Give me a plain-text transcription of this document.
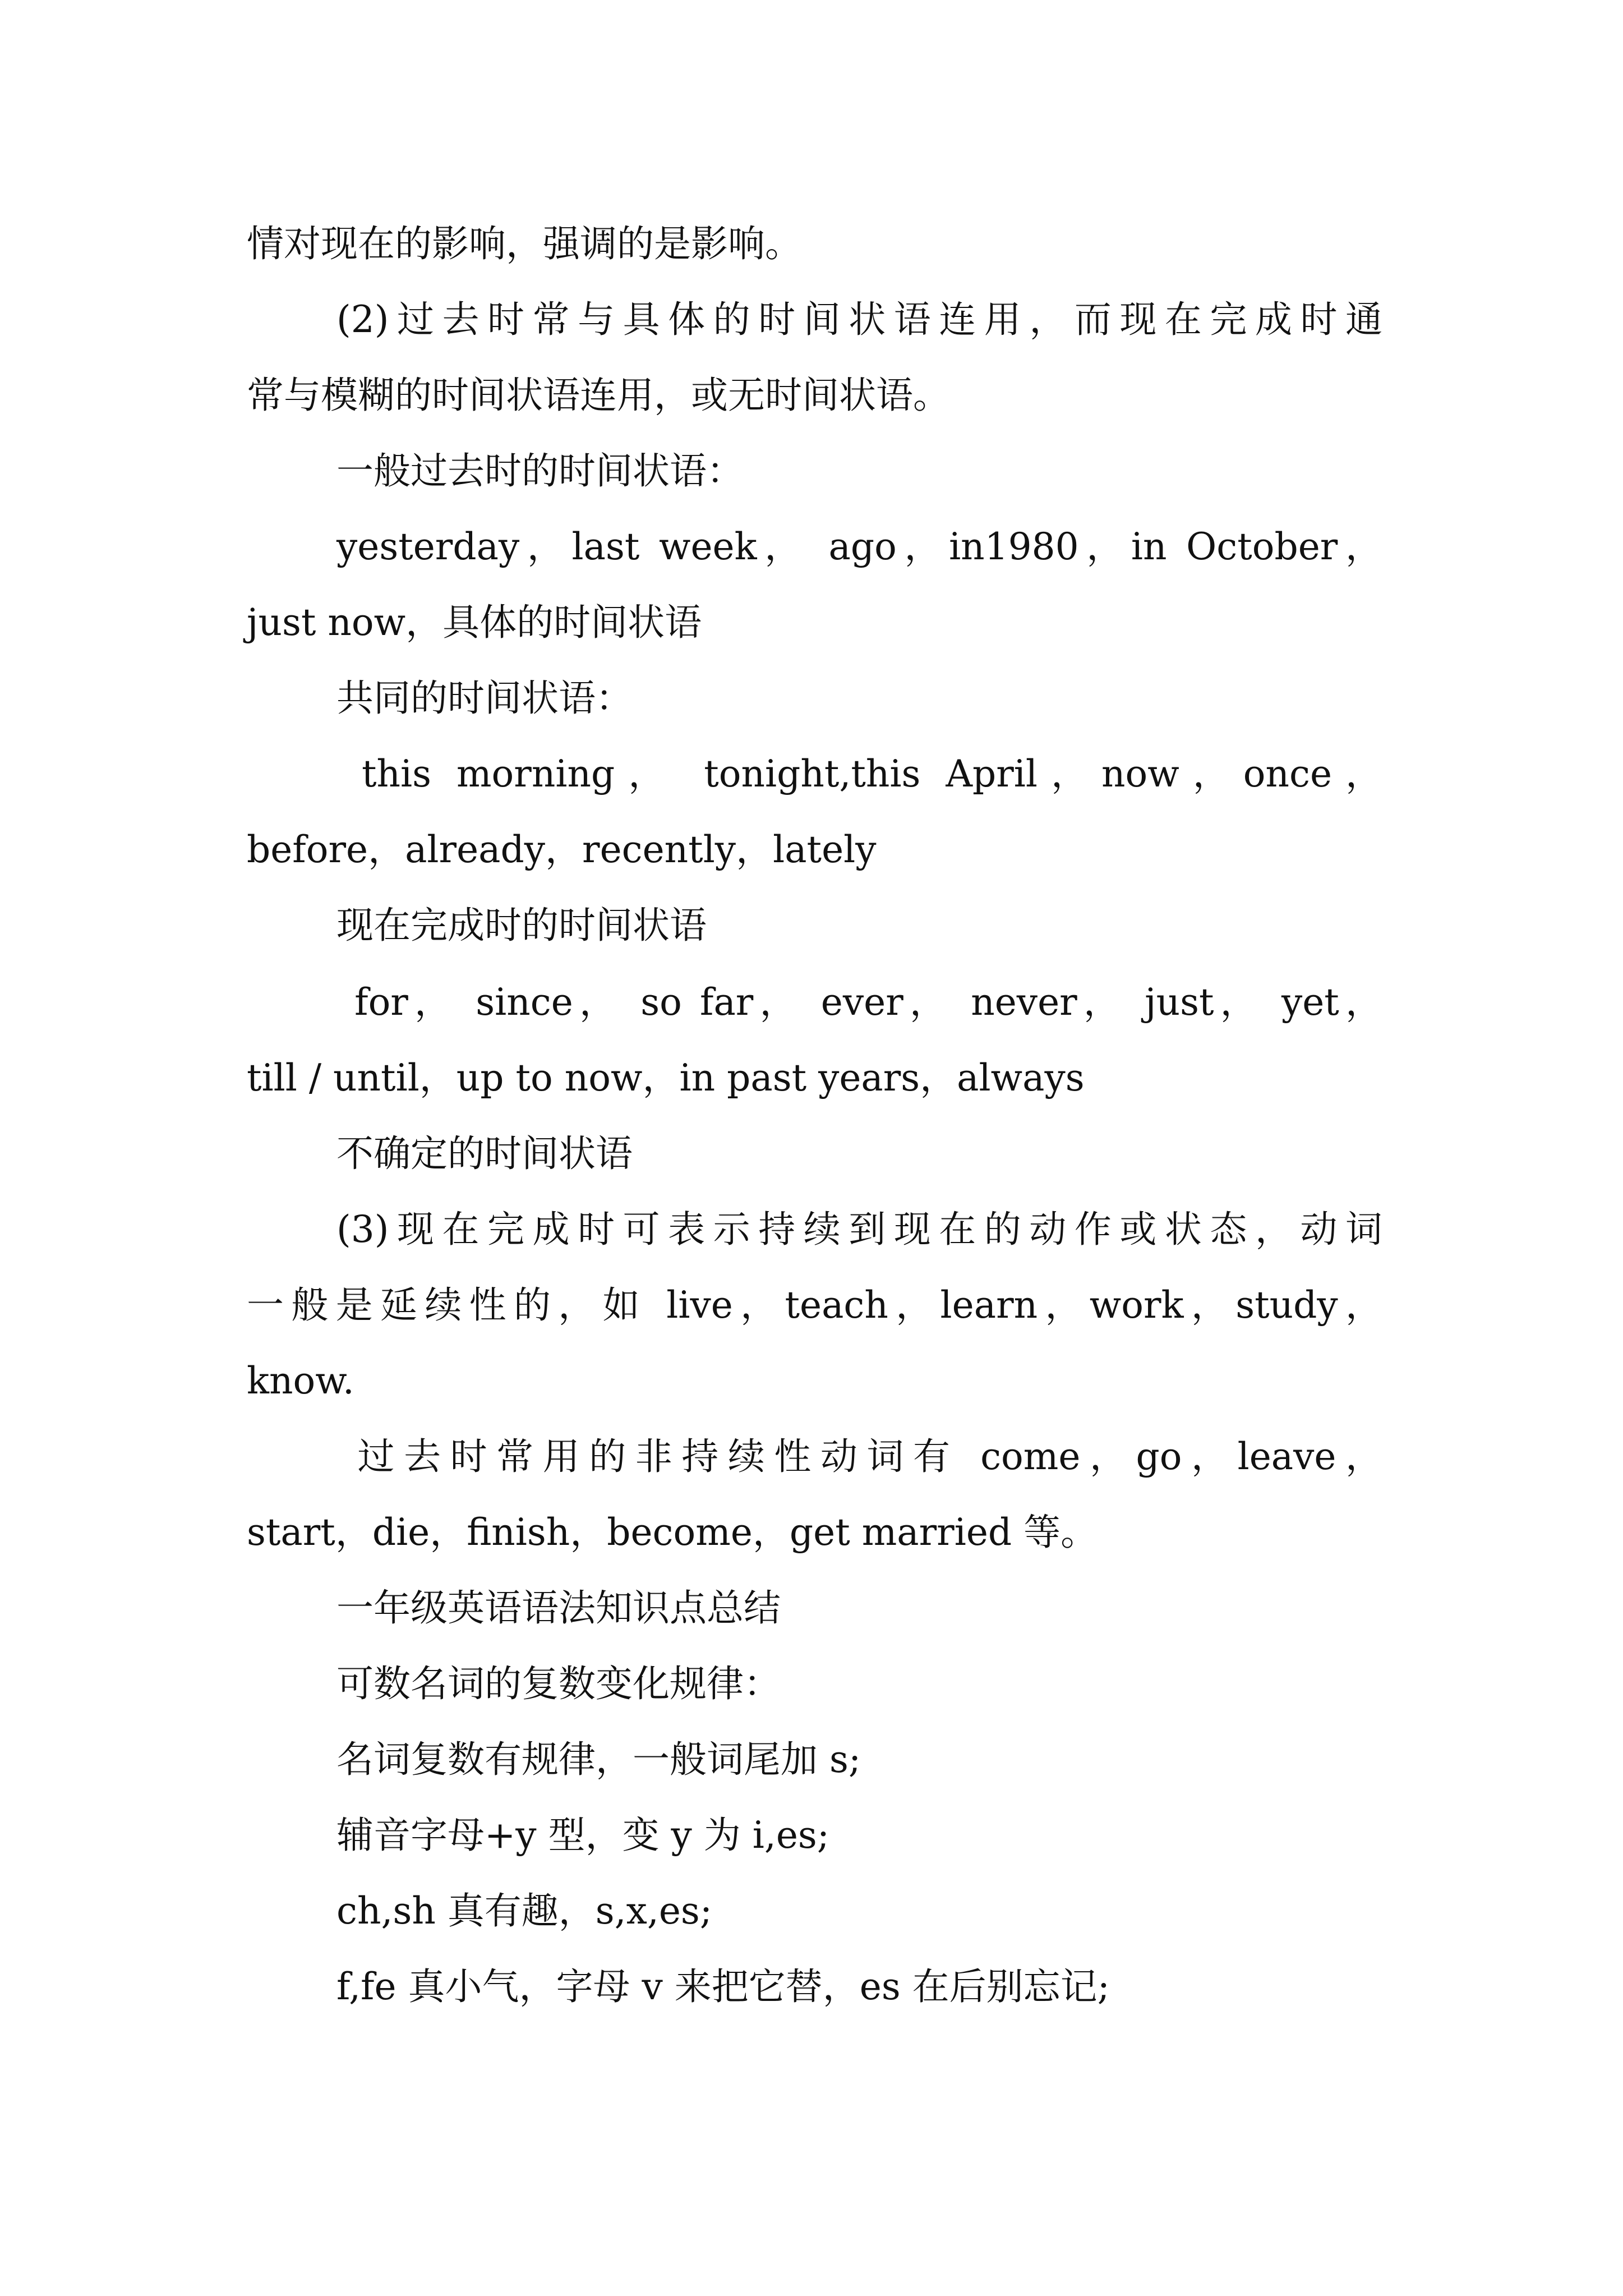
情对现在的影响，强调的是影响。
(2)过去时常与具体的时间状语连用，而现在完成时通
常与模糊的时间状语连用，或无时间状语。
一般过去时的时间状语：
yesterday，last week， ago，in1980，in October，
just now，具体的时间状语
共同的时间状语：
this morning， tonight,this April，now，once，
before，already，recently，lately
现在完成时的时间状语
for， since， so far， ever， never， just， yet，
till / until，up to now，in past years，always
不确定的时间状语
(3)现在完成时可表示持续到现在的动作或状态，动词
一般是延续性的，如 live，teach，learn，work，study，
know.
过去时常用的非持续性动词有 come，go，leave，
start，die，finish，become，get married 等。
一年级英语语法知识点总结
可数名词的复数变化规律：
名词复数有规律，一般词尾加 s;
辅音字母+y 型，变 y 为 i,es;
ch,sh 真有趣，s,x,es;
f,fe 真小气，字母 v 来把它替，es 在后别忘记;
